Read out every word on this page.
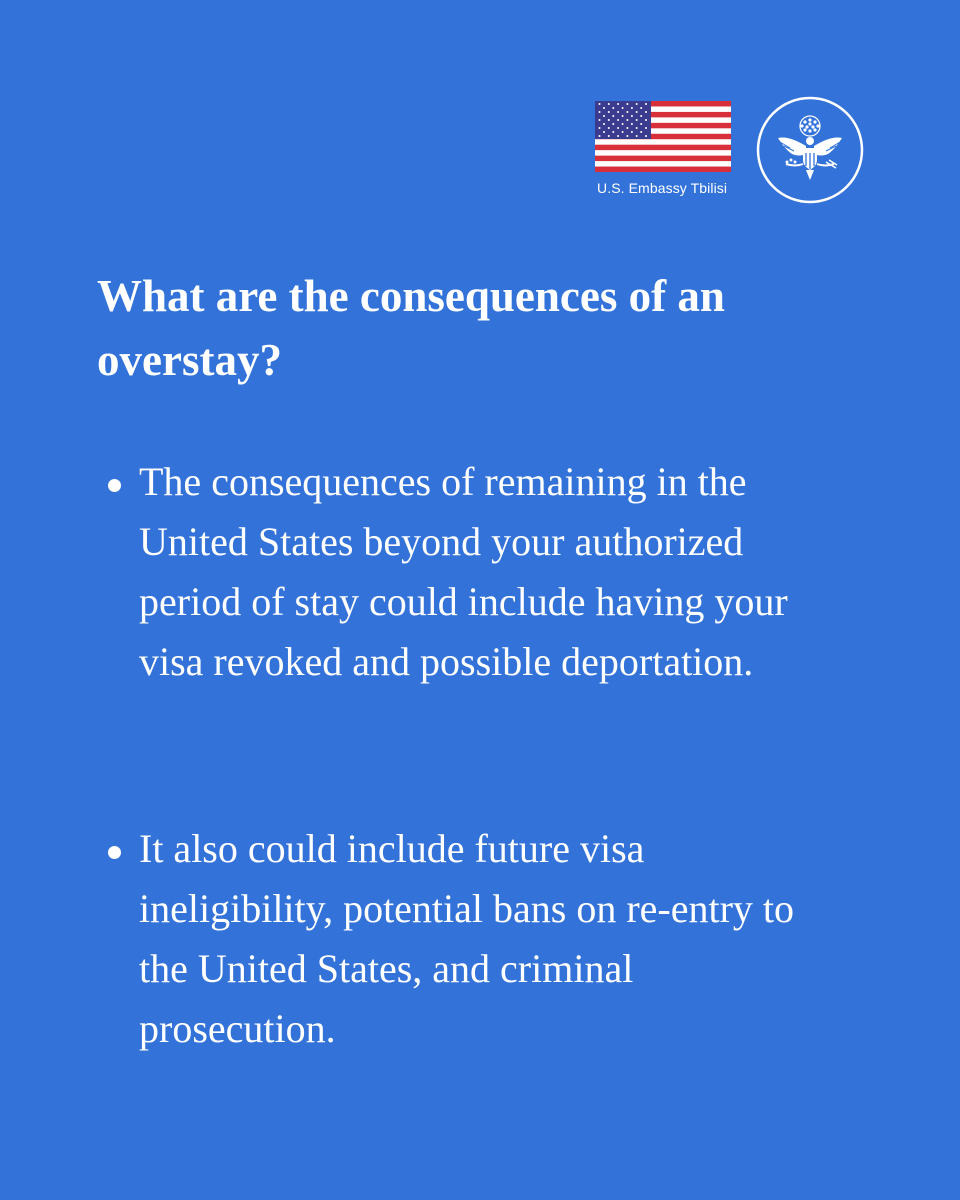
U.S. Embassy Tbilisi
What are the consequences of an overstay?
The consequences of remaining in the United States beyond your authorized period of stay could include having your visa revoked and possible deportation.
It also could include future visa ineligibility, potential bans on re-entry to the United States, and criminal prosecution.
